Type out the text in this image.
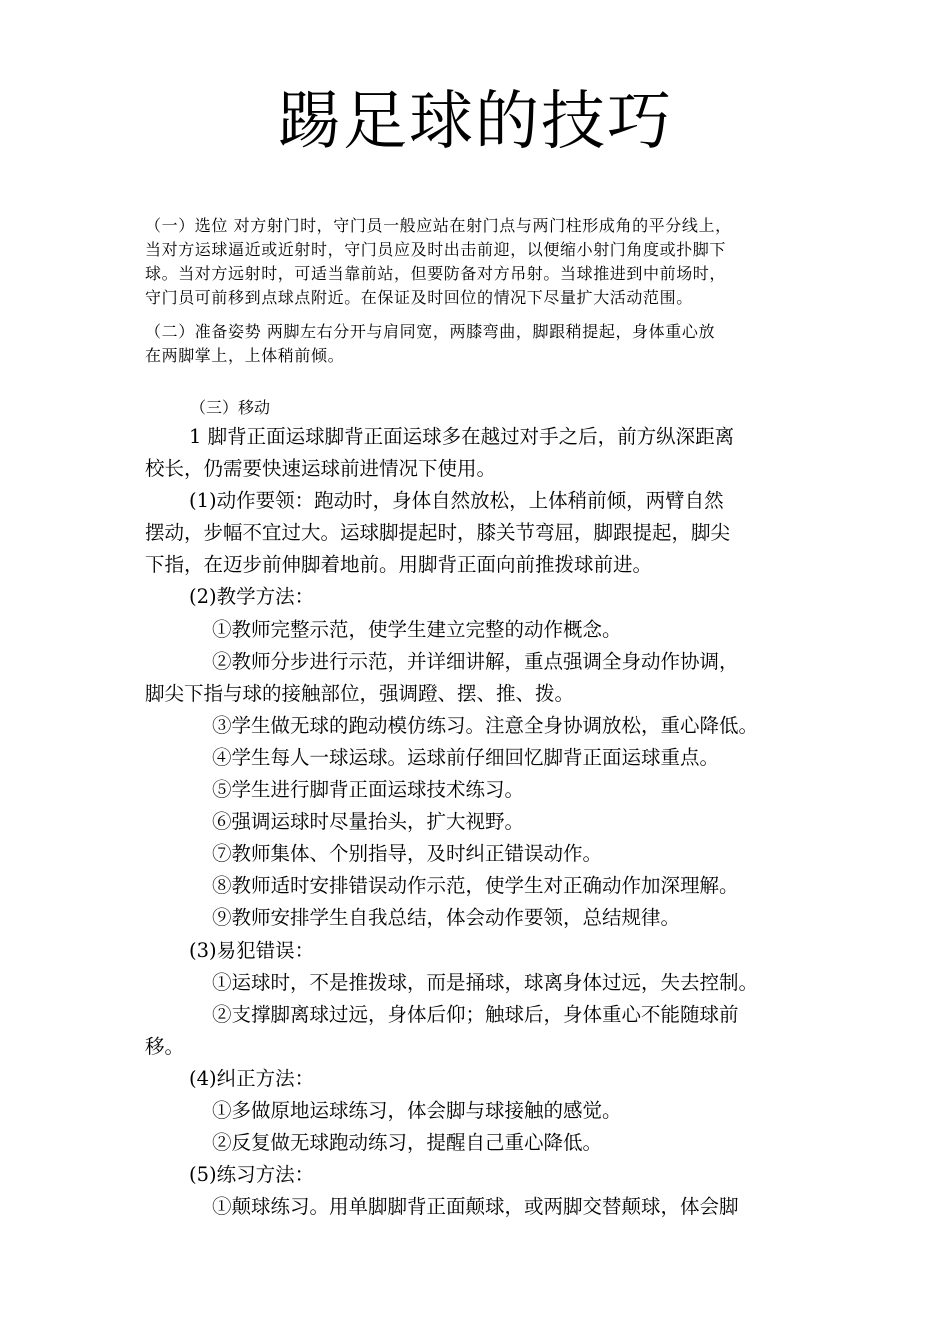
踢足球的技巧
（一）选位 对方射门时，守门员一般应站在射门点与两门柱形成角的平分线上，
当对方运球逼近或近射时，守门员应及时出击前迎，以便缩小射门角度或扑脚下
球。当对方远射时，可适当靠前站，但要防备对方吊射。当球推进到中前场时，
守门员可前移到点球点附近。在保证及时回位的情况下尽量扩大活动范围。
（二）准备姿势 两脚左右分开与肩同宽，两膝弯曲，脚跟稍提起，身体重心放
在两脚掌上，上体稍前倾。

（三）移动

1 脚背正面运球脚背正面运球多在越过对手之后，前方纵深距离

校长，仍需要快速运球前进情况下使用。

(1)动作要领：跑动时，身体自然放松，上体稍前倾，两臂自然

摆动，步幅不宜过大。运球脚提起时，膝关节弯屈，脚跟提起，脚尖

下指，在迈步前伸脚着地前。用脚背正面向前推拨球前进。

(2)教学方法：

①教师完整示范，使学生建立完整的动作概念。

②教师分步进行示范，并详细讲解，重点强调全身动作协调，

脚尖下指与球的接触部位，强调蹬、摆、推、拨。

③学生做无球的跑动模仿练习。注意全身协调放松，重心降低。

④学生每人一球运球。运球前仔细回忆脚背正面运球重点。

⑤学生进行脚背正面运球技术练习。

⑥强调运球时尽量抬头，扩大视野。

⑦教师集体、个别指导，及时纠正错误动作。

⑧教师适时安排错误动作示范，使学生对正确动作加深理解。

⑨教师安排学生自我总结，体会动作要领，总结规律。

(3)易犯错误：

①运球时，不是推拨球，而是捅球，球离身体过远，失去控制。

②支撑脚离球过远，身体后仰；触球后，身体重心不能随球前

移。

(4)纠正方法：

①多做原地运球练习，体会脚与球接触的感觉。

②反复做无球跑动练习，提醒自己重心降低。

(5)练习方法：

①颠球练习。用单脚脚背正面颠球，或两脚交替颠球，体会脚
